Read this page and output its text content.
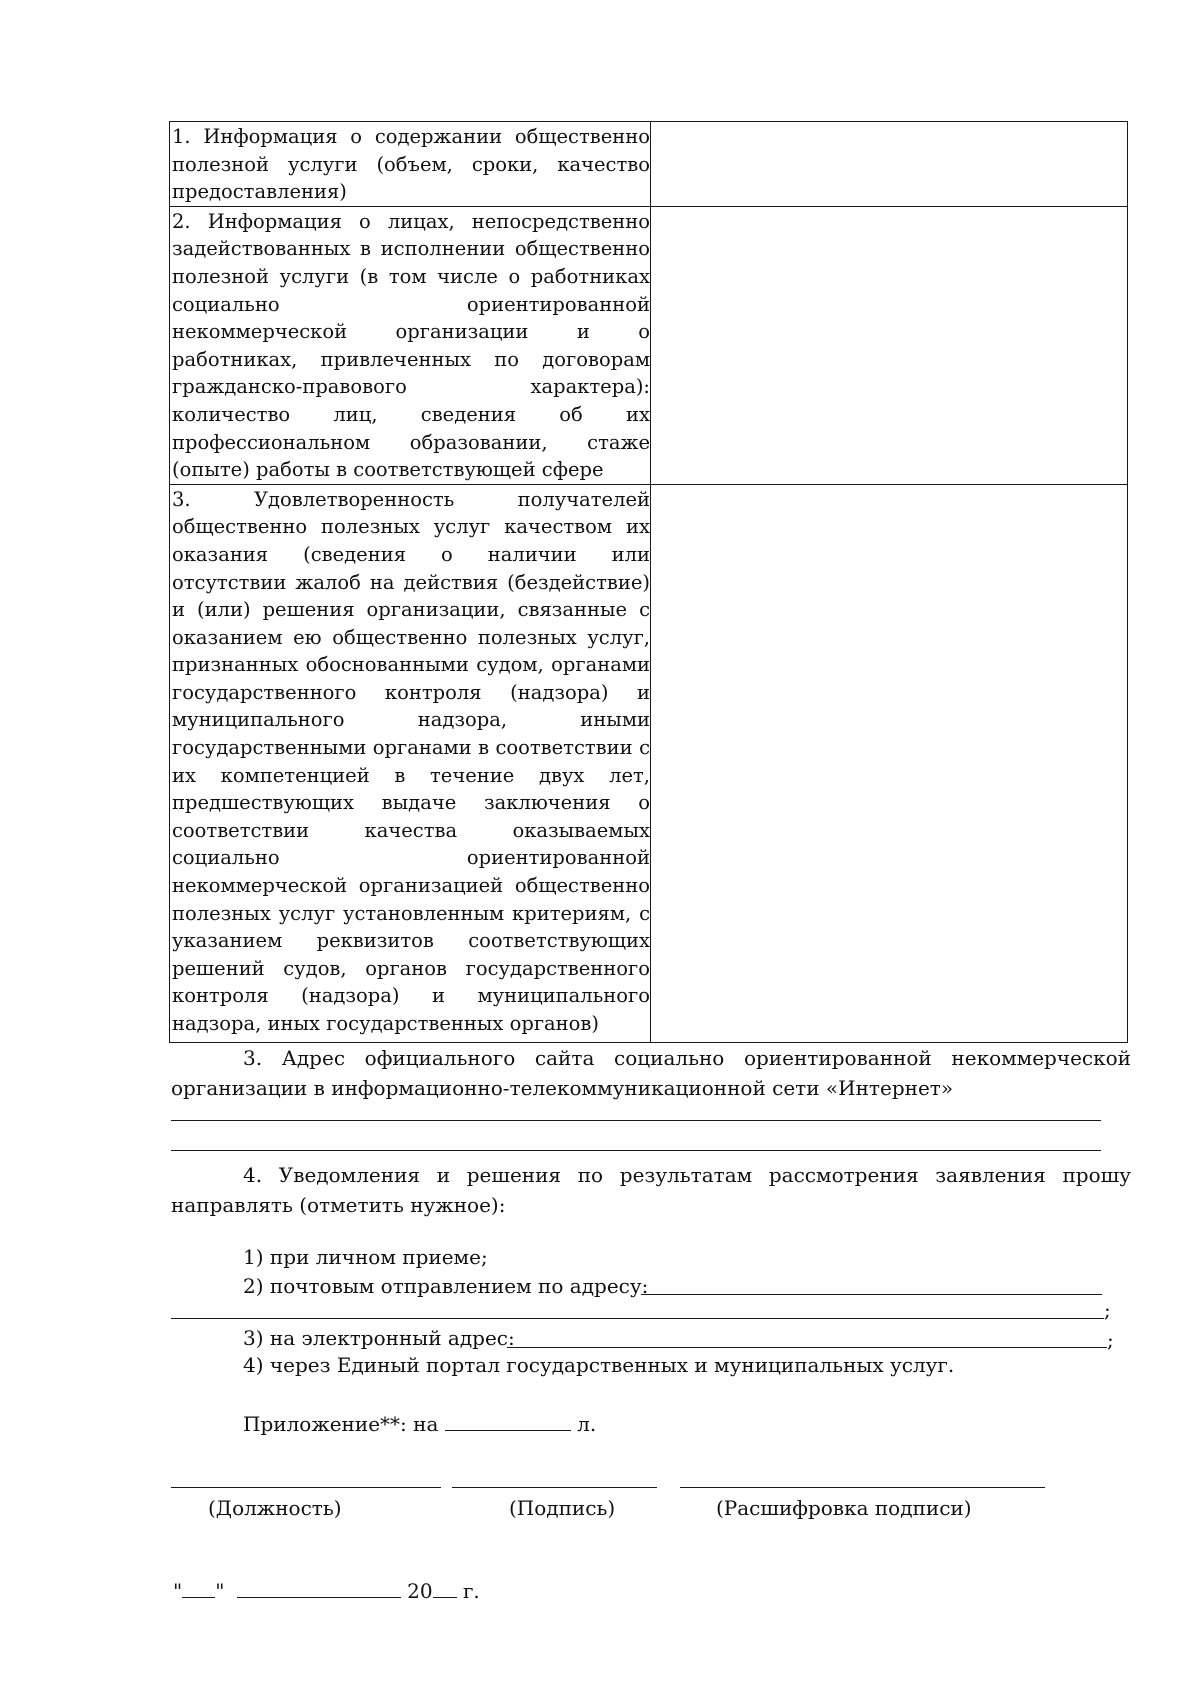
1. Информация о содержании общественно полезной услуги (объем, сроки, качество предоставления)	

2. Информация о лицах, непосредственно задействованных в исполнении общественно полезной услуги (в том числе о работниках социально ориентированной некоммерческой организации и о работниках, привлеченных по договорам гражданско-правового характера): количество лиц, сведения об их профессиональном образовании, стаже (опыте) работы в соответствующей сфере	

3. Удовлетворенность получателей общественно полезных услуг качеством их оказания (сведения о наличии или отсутствии жалоб на действия (бездействие) и (или) решения организации, связанные с оказанием ею общественно полезных услуг, признанных обоснованными судом, органами государственного контроля (надзора) и муниципального надзора, иными государственными органами в соответствии с их компетенцией в течение двух лет, предшествующих выдаче заключения о соответствии качества оказываемых социально ориентированной некоммерческой организацией общественно полезных услуг установленным критериям, с указанием реквизитов соответствующих решений судов, органов государственного контроля (надзора) и муниципального надзора, иных государственных органов)	

3. Адрес официального сайта социально ориентированной некоммерческой организации в информационно-телекоммуникационной сети «Интернет»

4. Уведомления и решения по результатам рассмотрения заявления прошу направлять (отметить нужное):

1) при личном приеме;
2) почтовым отправлением по адресу:
;
3) на электронный адрес:	;
4) через Единый портал государственных и муниципальных услуг.
Приложение**: на	л.
(Должность)	(Подпись)	(Расшифровка подписи)
" "	20 г.
